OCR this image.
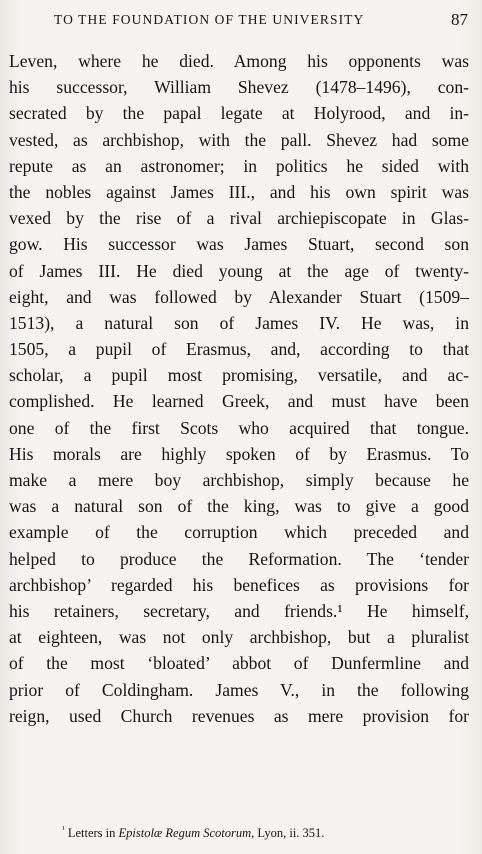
TO THE FOUNDATION OF THE UNIVERSITY	87
Leven, where he died. Among his opponents was
his successor, William Shevez (1478–1496), con-
secrated by the papal legate at Holyrood, and in-
vested, as archbishop, with the pall. Shevez had some
repute as an astronomer; in politics he sided with
the nobles against James III., and his own spirit was
vexed by the rise of a rival archiepiscopate in Glas-
gow. His successor was James Stuart, second son
of James III. He died young at the age of twenty-
eight, and was followed by Alexander Stuart (1509–
1513), a natural son of James IV. He was, in
1505, a pupil of Erasmus, and, according to that
scholar, a pupil most promising, versatile, and ac-
complished. He learned Greek, and must have been
one of the first Scots who acquired that tongue.
His morals are highly spoken of by Erasmus. To
make a mere boy archbishop, simply because he
was a natural son of the king, was to give a good
example of the corruption which preceded and
helped to produce the Reformation. The ‘tender
archbishop’ regarded his benefices as provisions for
his retainers, secretary, and friends.¹ He himself,
at eighteen, was not only archbishop, but a pluralist
of the most ‘bloated’ abbot of Dunfermline and
prior of Coldingham. James V., in the following
reign, used Church revenues as mere provision for
$^{^1}$ Letters in Epistolæ Regum Scotorum, Lyon, ii. 351.
